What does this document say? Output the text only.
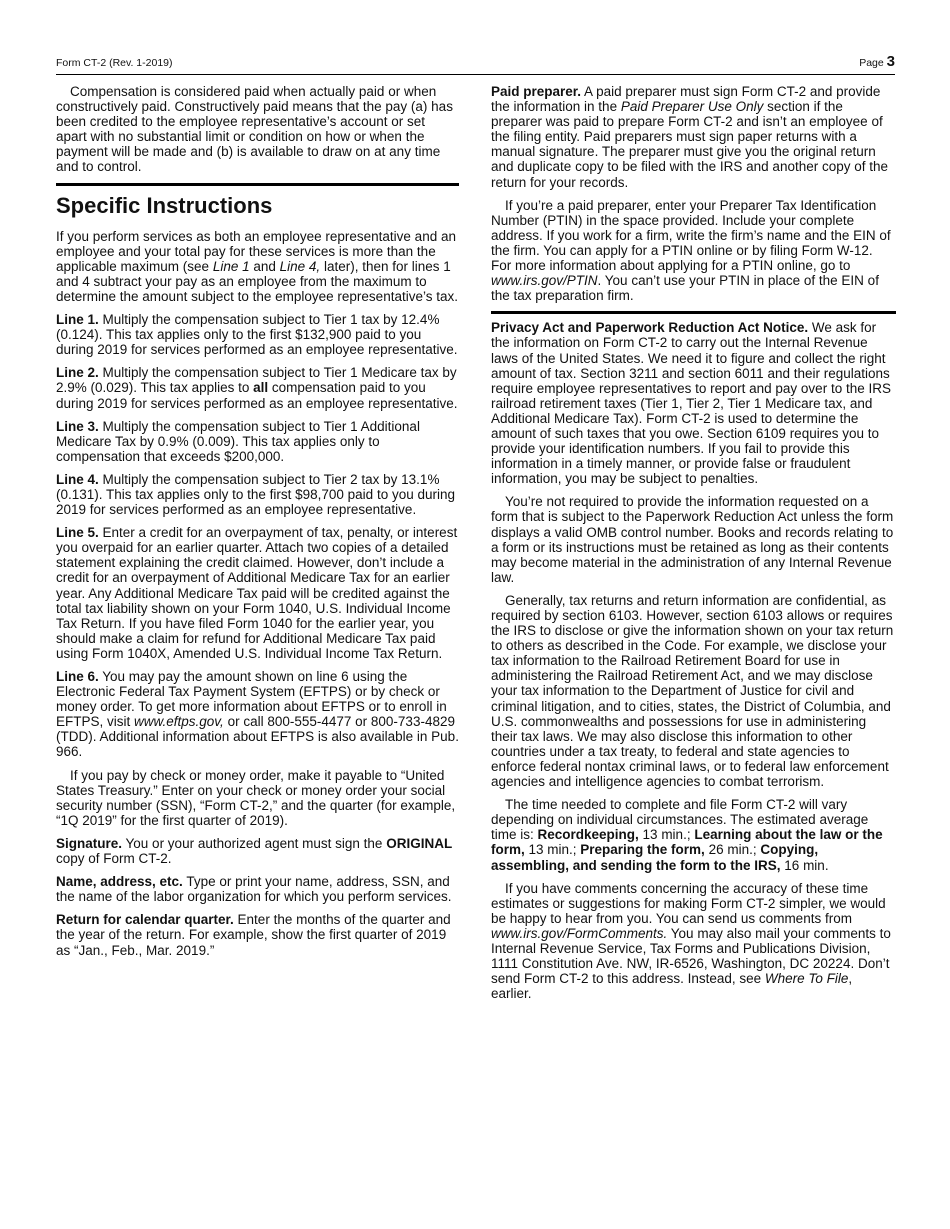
Form CT-2 (Rev. 1-2019)	Page 3

Compensation is considered paid when actually paid or when constructively paid. Constructively paid means that the pay (a) has been credited to the employee representative’s account or set apart with no substantial limit or condition on how or when the payment will be made and (b) is available to draw on at any time and to control.

Specific Instructions

If you perform services as both an employee representative and an employee and your total pay for these services is more than the applicable maximum (see Line 1 and Line 4, later), then for lines 1 and 4 subtract your pay as an employee from the maximum to determine the amount subject to the employee representative’s tax.

Line 1. Multiply the compensation subject to Tier 1 tax by 12.4% (0.124). This tax applies only to the first $132,900 paid to you during 2019 for services performed as an employee representative.

Line 2. Multiply the compensation subject to Tier 1 Medicare tax by 2.9% (0.029). This tax applies to all compensation paid to you during 2019 for services performed as an employee representative.

Line 3. Multiply the compensation subject to Tier 1 Additional Medicare Tax by 0.9% (0.009). This tax applies only to compensation that exceeds $200,000.

Line 4. Multiply the compensation subject to Tier 2 tax by 13.1% (0.131). This tax applies only to the first $98,700 paid to you during 2019 for services performed as an employee representative.

Line 5. Enter a credit for an overpayment of tax, penalty, or interest you overpaid for an earlier quarter. Attach two copies of a detailed statement explaining the credit claimed. However, don’t include a credit for an overpayment of Additional Medicare Tax for an earlier year. Any Additional Medicare Tax paid will be credited against the total tax liability shown on your Form 1040, U.S. Individual Income Tax Return. If you have filed Form 1040 for the earlier year, you should make a claim for refund for Additional Medicare Tax paid using Form 1040X, Amended U.S. Individual Income Tax Return.

Line 6. You may pay the amount shown on line 6 using the Electronic Federal Tax Payment System (EFTPS) or by check or money order. To get more information about EFTPS or to enroll in EFTPS, visit www.eftps.gov, or call 800-555-4477 or 800-733-4829 (TDD). Additional information about EFTPS is also available in Pub. 966.

If you pay by check or money order, make it payable to “United States Treasury.” Enter on your check or money order your social security number (SSN), “Form CT-2,” and the quarter (for example, “1Q 2019” for the first quarter of 2019).

Signature. You or your authorized agent must sign the ORIGINAL copy of Form CT-2.

Name, address, etc. Type or print your name, address, SSN, and the name of the labor organization for which you perform services.

Return for calendar quarter. Enter the months of the quarter and the year of the return. For example, show the first quarter of 2019 as “Jan., Feb., Mar. 2019.”

Paid preparer. A paid preparer must sign Form CT-2 and provide the information in the Paid Preparer Use Only section if the preparer was paid to prepare Form CT-2 and isn’t an employee of the filing entity. Paid preparers must sign paper returns with a manual signature. The preparer must give you the original return and duplicate copy to be filed with the IRS and another copy of the return for your records.

If you’re a paid preparer, enter your Preparer Tax Identification Number (PTIN) in the space provided. Include your complete address. If you work for a firm, write the firm’s name and the EIN of the firm. You can apply for a PTIN online or by filing Form W-12. For more information about applying for a PTIN online, go to www.irs.gov/PTIN. You can’t use your PTIN in place of the EIN of the tax preparation firm.

Privacy Act and Paperwork Reduction Act Notice. We ask for the information on Form CT-2 to carry out the Internal Revenue laws of the United States. We need it to figure and collect the right amount of tax. Section 3211 and section 6011 and their regulations require employee representatives to report and pay over to the IRS railroad retirement taxes (Tier 1, Tier 2, Tier 1 Medicare tax, and Additional Medicare Tax). Form CT-2 is used to determine the amount of such taxes that you owe. Section 6109 requires you to provide your identification numbers. If you fail to provide this information in a timely manner, or provide false or fraudulent information, you may be subject to penalties.

You’re not required to provide the information requested on a form that is subject to the Paperwork Reduction Act unless the form displays a valid OMB control number. Books and records relating to a form or its instructions must be retained as long as their contents may become material in the administration of any Internal Revenue law.

Generally, tax returns and return information are confidential, as required by section 6103. However, section 6103 allows or requires the IRS to disclose or give the information shown on your tax return to others as described in the Code. For example, we disclose your tax information to the Railroad Retirement Board for use in administering the Railroad Retirement Act, and we may disclose your tax information to the Department of Justice for civil and criminal litigation, and to cities, states, the District of Columbia, and U.S. commonwealths and possessions for use in administering their tax laws. We may also disclose this information to other countries under a tax treaty, to federal and state agencies to enforce federal nontax criminal laws, or to federal law enforcement agencies and intelligence agencies to combat terrorism.

The time needed to complete and file Form CT-2 will vary depending on individual circumstances. The estimated average time is: Recordkeeping, 13 min.; Learning about the law or the form, 13 min.; Preparing the form, 26 min.; Copying, assembling, and sending the form to the IRS, 16 min.

If you have comments concerning the accuracy of these time estimates or suggestions for making Form CT-2 simpler, we would be happy to hear from you. You can send us comments from www.irs.gov/FormComments. You may also mail your comments to Internal Revenue Service, Tax Forms and Publications Division, 1111 Constitution Ave. NW, IR-6526, Washington, DC 20224. Don’t send Form CT-2 to this address. Instead, see Where To File, earlier.
